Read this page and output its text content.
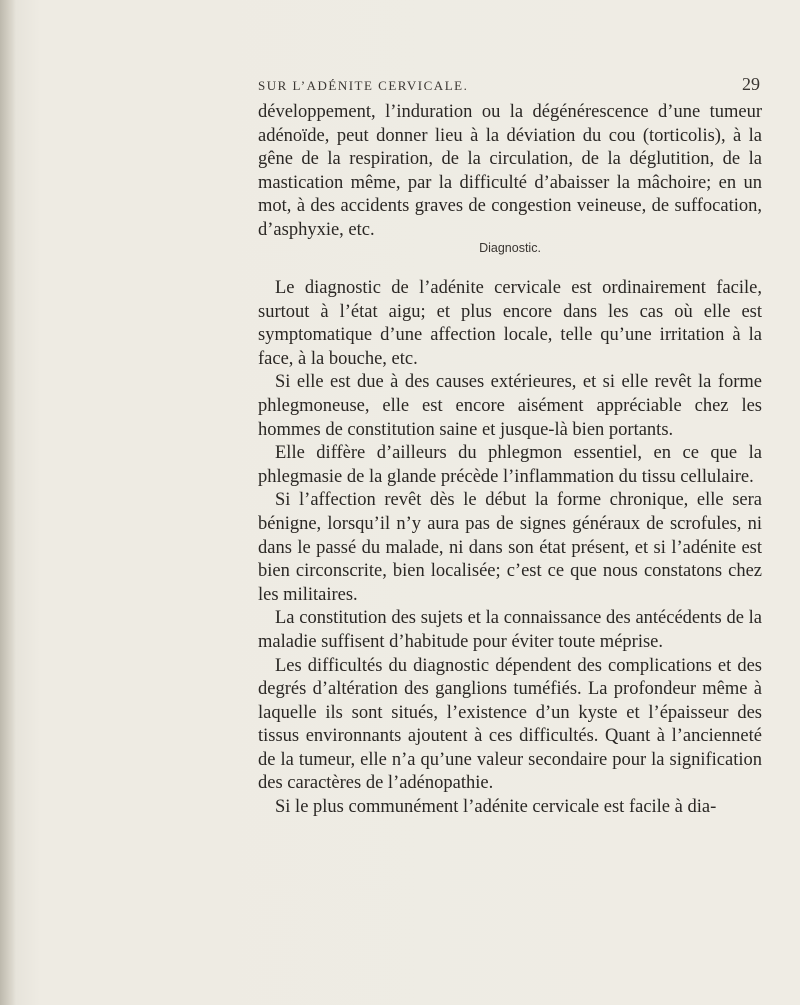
SUR L’ADÉNITE CERVICALE.	29

développement, l’induration ou la dégénérescence d’une tumeur adénoïde, peut donner lieu à la déviation du cou (torticolis), à la gêne de la respiration, de la circulation, de la déglutition, de la mastication même, par la difficulté d’abaisser la mâchoire; en un mot, à des accidents graves de congestion veineuse, de suffocation, d’asphyxie, etc.

Diagnostic.

Le diagnostic de l’adénite cervicale est ordinairement facile, surtout à l’état aigu; et plus encore dans les cas où elle est symptomatique d’une affection locale, telle qu’une irritation à la face, à la bouche, etc.

Si elle est due à des causes extérieures, et si elle revêt la forme phlegmoneuse, elle est encore aisément appréciable chez les hommes de constitution saine et jusque-là bien portants.

Elle diffère d’ailleurs du phlegmon essentiel, en ce que la phlegmasie de la glande précède l’inflammation du tissu cellulaire.

Si l’affection revêt dès le début la forme chronique, elle sera bénigne, lorsqu’il n’y aura pas de signes généraux de scrofules, ni dans le passé du malade, ni dans son état présent, et si l’adénite est bien circonscrite, bien localisée; c’est ce que nous constatons chez les militaires.

La constitution des sujets et la connaissance des antécédents de la maladie suffisent d’habitude pour éviter toute méprise.

Les difficultés du diagnostic dépendent des complications et des degrés d’altération des ganglions tuméfiés. La profondeur même à laquelle ils sont situés, l’existence d’un kyste et l’épaisseur des tissus environnants ajoutent à ces difficultés. Quant à l’ancienneté de la tumeur, elle n’a qu’une valeur secondaire pour la signification des caractères de l’adénopathie.

Si le plus communément l’adénite cervicale est facile à dia-
